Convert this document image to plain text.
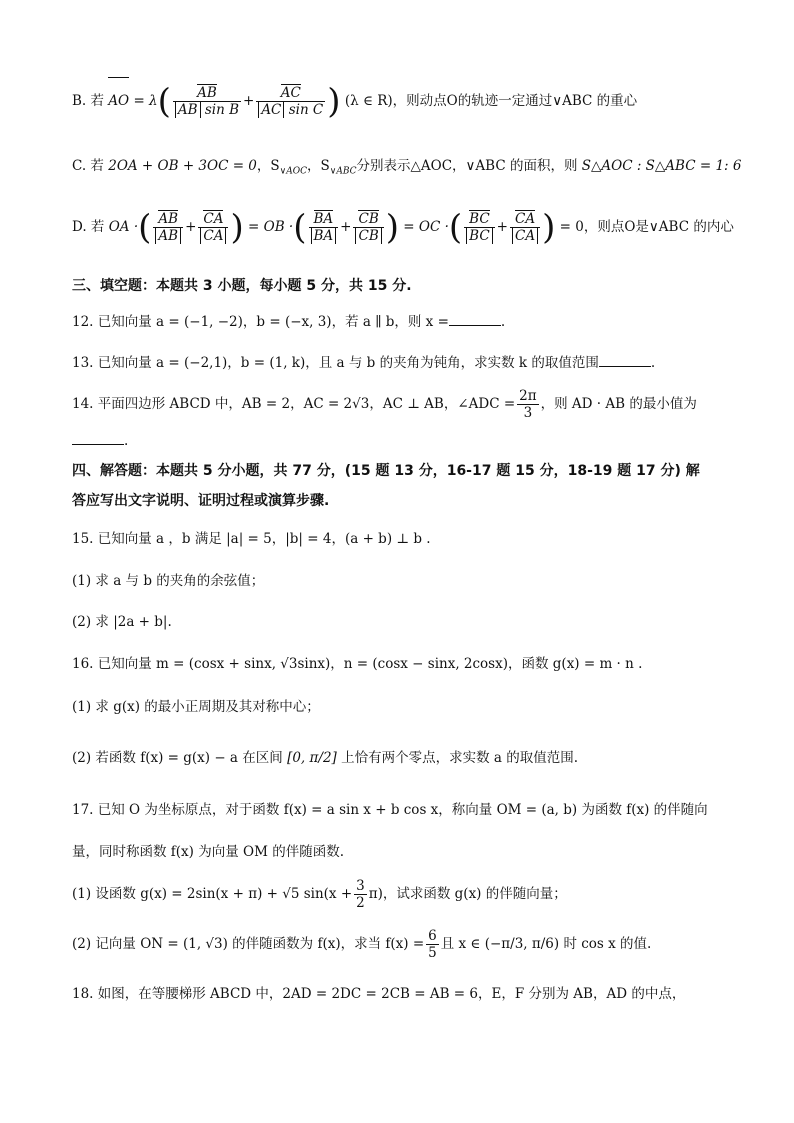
B. 若 AO = $\lambda( \frac{AB}{\text{AB sin B}} + \frac{AC}{\text{AC sin C}}$ ) (λ ∈ R)，则动点O的轨迹一定通过∨ABC 的重心
C. 若 2OA + OB + 3OC = 0，$S_{\vee AOC}$，$S_{\vee ABC}$分别表示△AOC，∨ABC 的面积，则 S△AOC : S△ABC = 1: 6
D. 若 OA ·( $\frac{AB}{AB} + \frac{CA}{CA}$ ) = OB ·( $\frac{BA}{BA} + \frac{CB}{CB}$ ) = OC ·( $\frac{BC}{BC} + \frac{CA}{CA}$ ) = 0，则点O是∨ABC 的内心
三、填空题：本题共 3 小题，每小题 5 分，共 15 分.
12. 已知向量 a = (−1, −2)，b = (−x, 3)，若 a ∥ b，则 x =	.
13. 已知向量 a = (−2,1)，b = (1, k)，且 a 与 b 的夹角为钝角，求实数 k 的取值范围	.
14. 平面四边形 ABCD 中，AB = 2，AC = 2√3，AC ⊥ AB，∠ADC = $\frac{2\pi}{3}$ ，则 AD · AB 的最小值为
.
四、解答题：本题共 5 分小题，共 77 分，(15 题 13 分，16-17 题 15 分，18-19 题 17 分) 解
答应写出文字说明、证明过程或演算步骤.
15. 已知向量 a ，b 满足 |a| = 5，|b| = 4，(a + b) ⊥ b .
(1) 求 a 与 b 的夹角的余弦值；
(2) 求 |2a + b|.
16. 已知向量 m = (cosx + sinx, √3sinx)，n = (cosx − sinx, 2cosx)，函数 g(x) = m · n .
(1) 求 g(x) 的最小正周期及其对称中心；
(2) 若函数 f(x) = g(x) − a 在区间 [0, π/2] 上恰有两个零点，求实数 a 的取值范围.
17. 已知 O 为坐标原点，对于函数 f(x) = a sin x + b cos x，称向量 OM = (a, b) 为函数 f(x) 的伴随向
量，同时称函数 f(x) 为向量 OM 的伴随函数.
(1) 设函数 g(x) = 2sin(x + π) + √5 $\sin(x + \frac{3}{2} \pi)$，试求函数 g(x) 的伴随向量；
(2) 记向量 ON = (1, √3) 的伴随函数为 f(x)，求当 $f(x) = \frac{6}{5}$ 且 x ∈ (−π/3, π/6) 时 cos x 的值.
18. 如图，在等腰梯形 ABCD 中，2AD = 2DC = 2CB = AB = 6，E，F 分别为 AB，AD 的中点，
